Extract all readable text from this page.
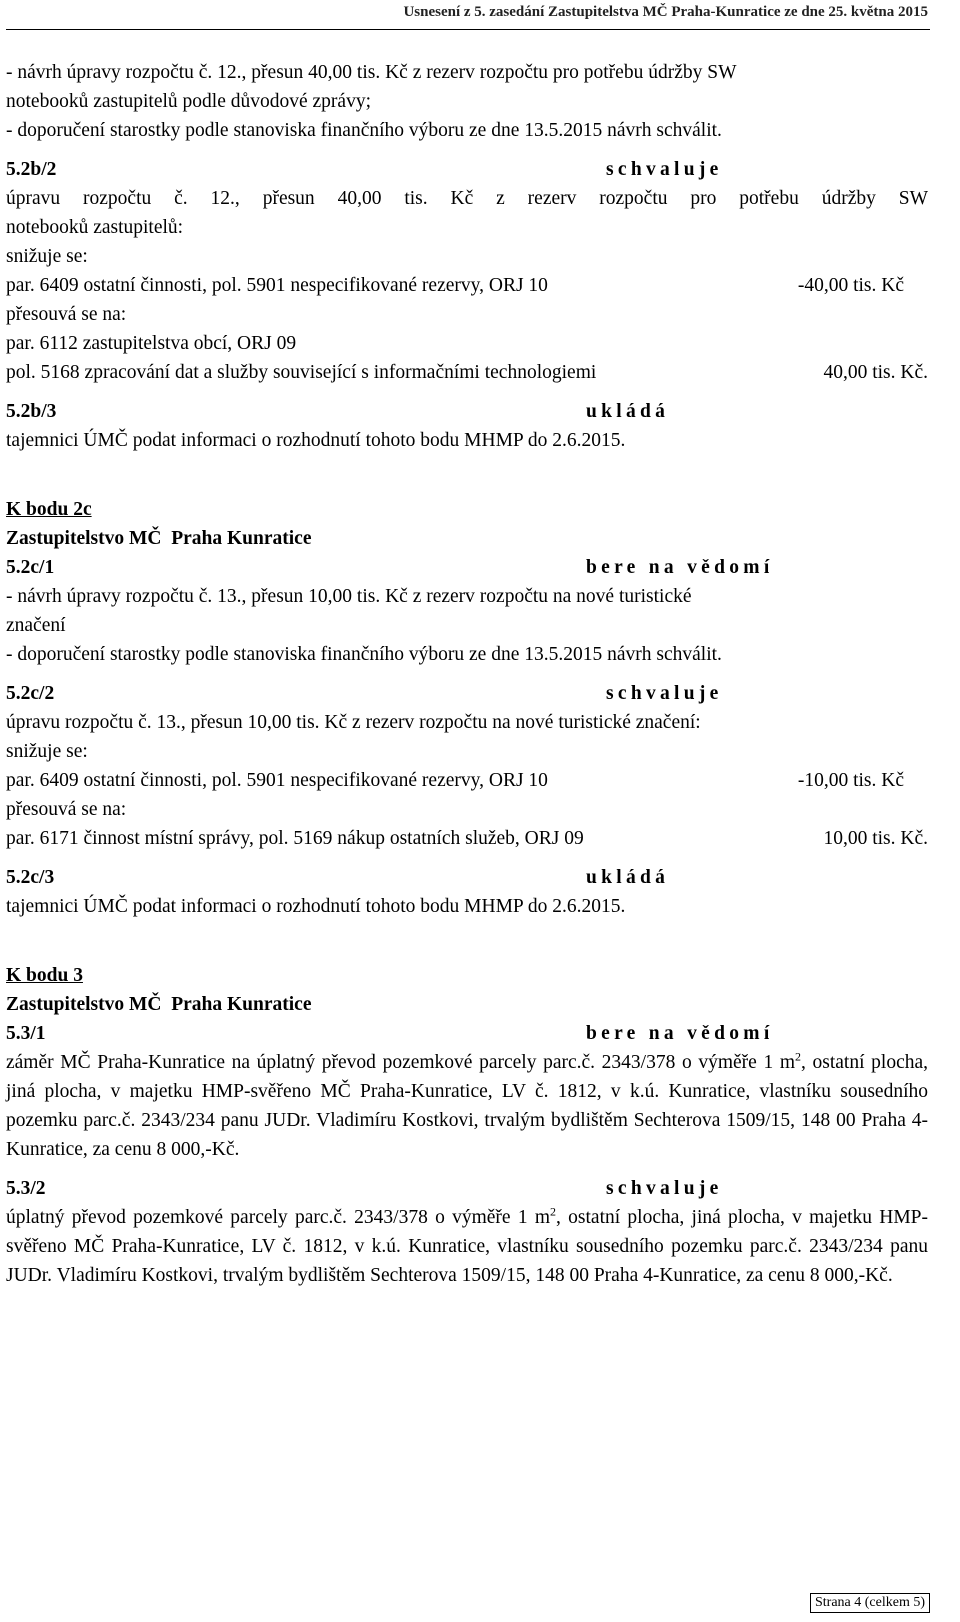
Usnesení z 5. zasedání Zastupitelstva MČ Praha-Kunratice ze dne 25. května 2015
- návrh úpravy rozpočtu č. 12., přesun 40,00 tis. Kč z rezerv rozpočtu pro potřebu údržby SW
notebooků zastupitelů podle důvodové zprávy;
- doporučení starostky podle stanoviska finančního výboru ze dne 13.5.2015 návrh schválit.
5.2b/2	schvaluje
úpravu rozpočtu č. 12., přesun 40,00 tis. Kč z rezerv rozpočtu pro potřebu údržby SW
notebooků zastupitelů:
snižuje se:
par. 6409 ostatní činnosti, pol. 5901 nespecifikované rezervy, ORJ 10	-40,00 tis. Kč
přesouvá se na:
par. 6112 zastupitelstva obcí, ORJ 09
pol. 5168 zpracování dat a služby související s informačními technologiemi	40,00 tis. Kč.
5.2b/3	ukládá
tajemnici ÚMČ podat informaci o rozhodnutí tohoto bodu MHMP do 2.6.2015.
K bodu 2c
Zastupitelstvo MČ  Praha Kunratice
5.2c/1	bere na vědomí
- návrh úpravy rozpočtu č. 13., přesun 10,00 tis. Kč z rezerv rozpočtu na nové turistické
značení
- doporučení starostky podle stanoviska finančního výboru ze dne 13.5.2015 návrh schválit.
5.2c/2	schvaluje
úpravu rozpočtu č. 13., přesun 10,00 tis. Kč z rezerv rozpočtu na nové turistické značení:
snižuje se:
par. 6409 ostatní činnosti, pol. 5901 nespecifikované rezervy, ORJ 10	-10,00 tis. Kč
přesouvá se na:
par. 6171 činnost místní správy, pol. 5169 nákup ostatních služeb, ORJ 09	10,00 tis. Kč.
5.2c/3	ukládá
tajemnici ÚMČ podat informaci o rozhodnutí tohoto bodu MHMP do 2.6.2015.
K bodu 3
Zastupitelstvo MČ  Praha Kunratice
5.3/1	bere na vědomí
záměr MČ Praha-Kunratice na úplatný převod pozemkové parcely parc.č. 2343/378 o výměře 1 $m^2$, ostatní plocha, jiná plocha, v majetku HMP-svěřeno MČ Praha-Kunratice, LV č. 1812, v k.ú. Kunratice, vlastníku sousedního pozemku parc.č. 2343/234 panu JUDr. Vladimíru Kostkovi, trvalým bydlištěm Sechterova 1509/15, 148 00 Praha 4-Kunratice, za cenu 8 000,-Kč.
5.3/2	schvaluje
úplatný převod pozemkové parcely parc.č. 2343/378 o výměře 1 $m^2$, ostatní plocha, jiná plocha, v majetku HMP-svěřeno MČ Praha-Kunratice, LV č. 1812, v k.ú. Kunratice, vlastníku sousedního pozemku parc.č. 2343/234 panu JUDr. Vladimíru Kostkovi, trvalým bydlištěm Sechterova 1509/15, 148 00 Praha 4-Kunratice, za cenu 8 000,-Kč.
Strana 4 (celkem 5)
